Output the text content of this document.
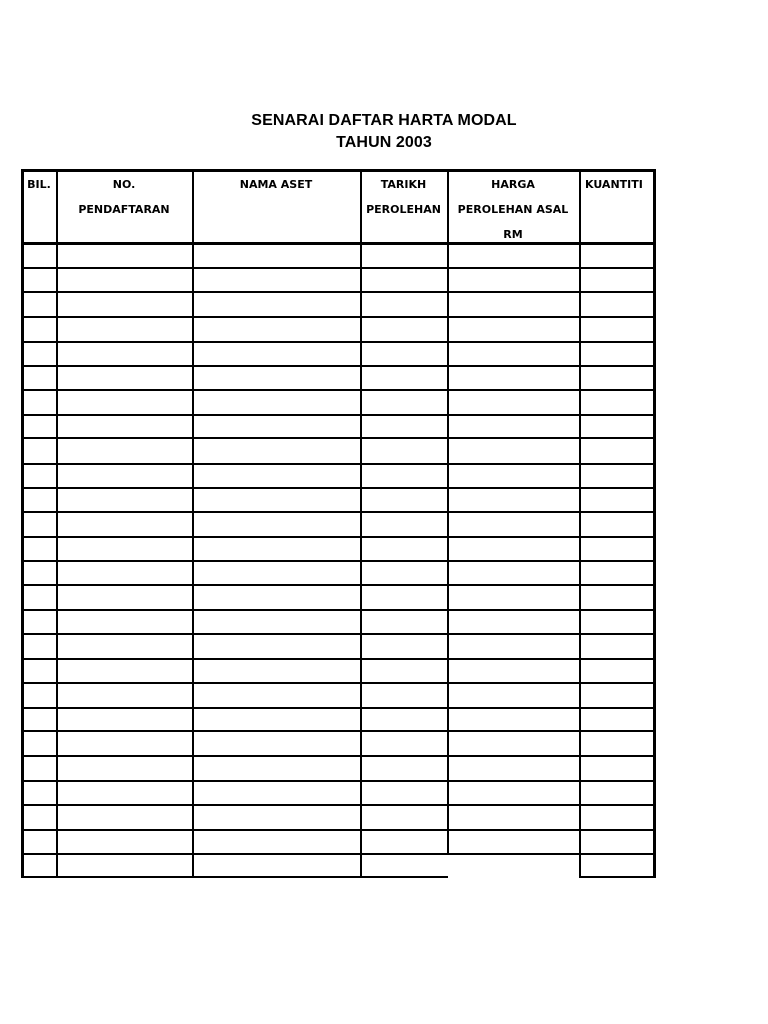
SENARAI DAFTAR HARTA MODAL
TAHUN 2003
BIL.	NO.
PENDAFTARAN
NAMA ASET	TARIKH
PEROLEHAN
HARGA
PEROLEHAN ASAL
RM
KUANTITI
